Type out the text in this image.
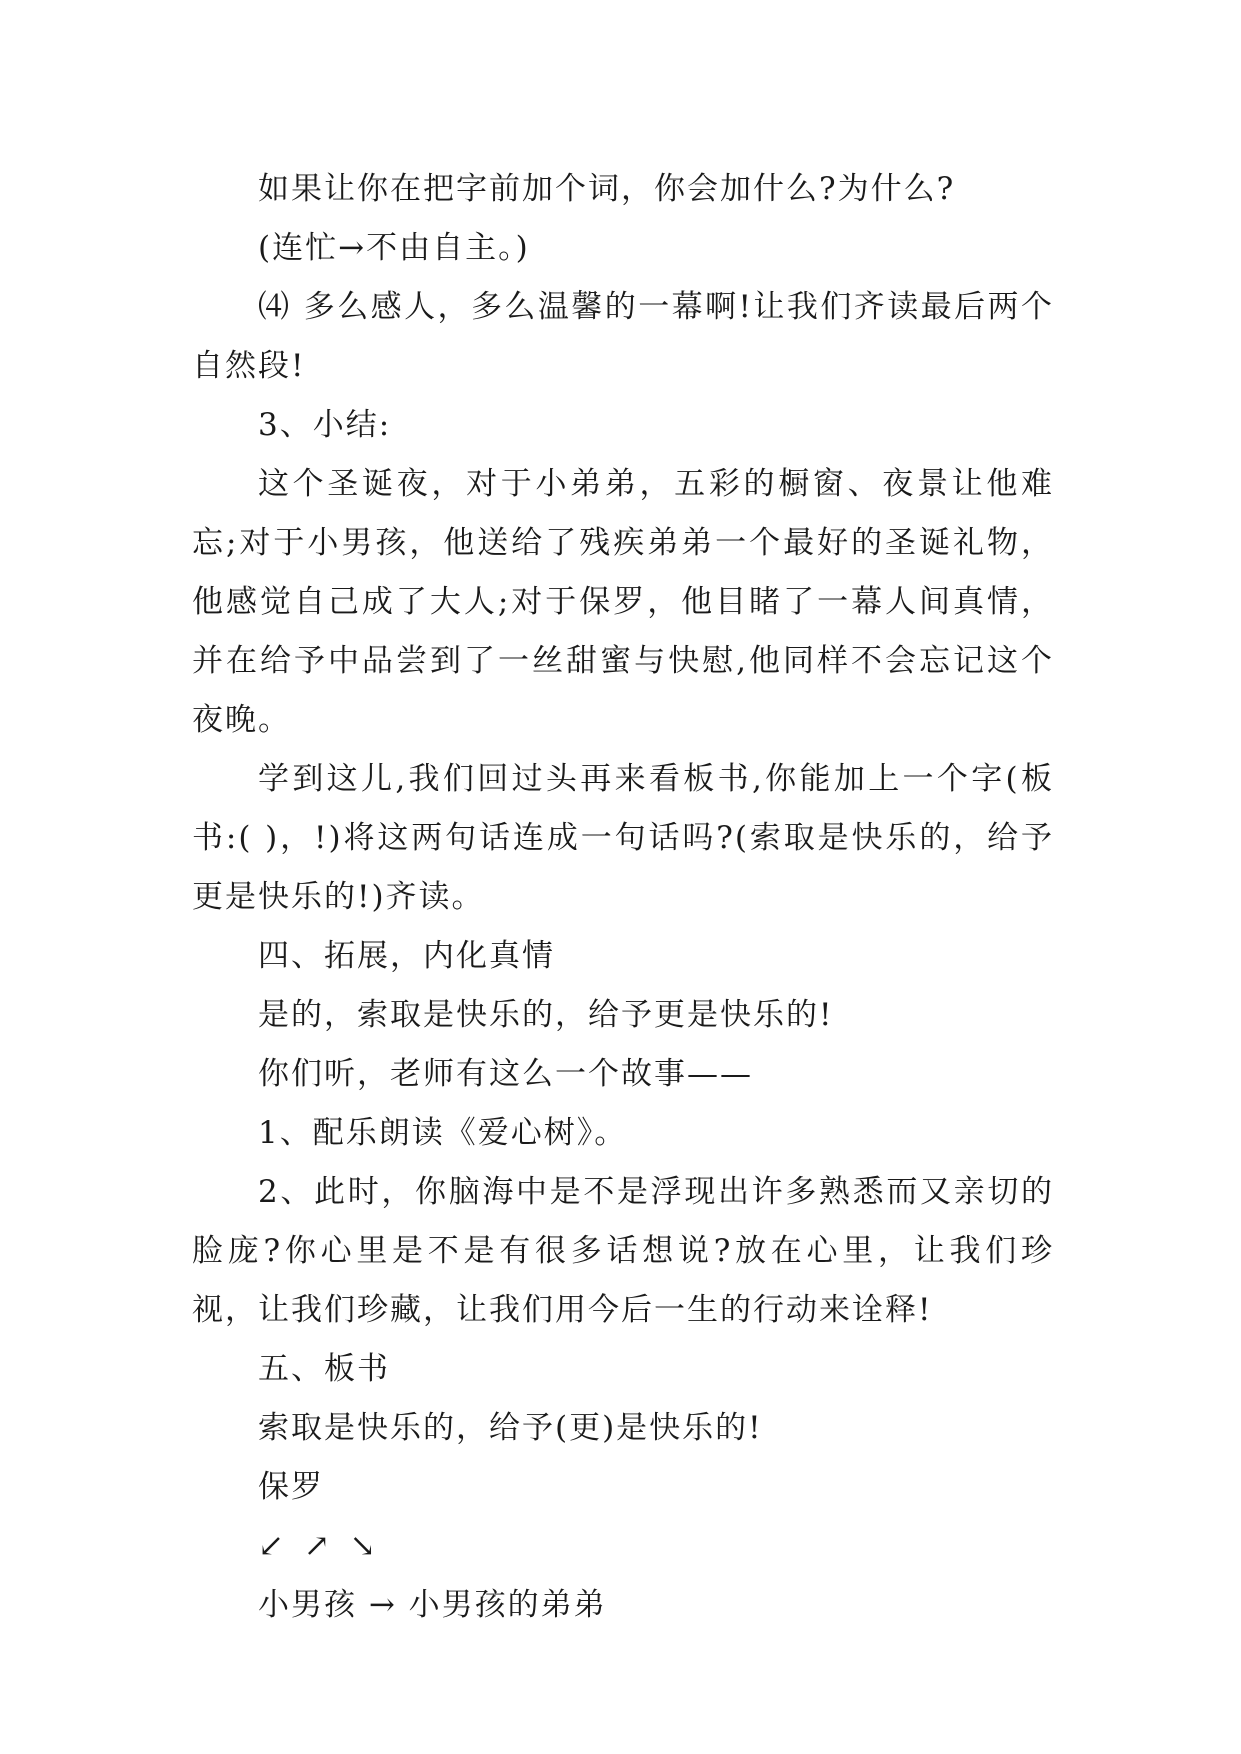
如果让你在把字前加个词，你会加什么?为什么?

(连忙→不由自主。)

⑷ 多么感人，多么温馨的一幕啊!让我们齐读最后两个自然段!

3、小结:

这个圣诞夜，对于小弟弟，五彩的橱窗、夜景让他难忘;对于小男孩，他送给了残疾弟弟一个最好的圣诞礼物，他感觉自己成了大人;对于保罗，他目睹了一幕人间真情，并在给予中品尝到了一丝甜蜜与快慰,他同样不会忘记这个夜晚。

学到这儿,我们回过头再来看板书,你能加上一个字(板书:( )，!)将这两句话连成一句话吗?(索取是快乐的，给予更是快乐的!)齐读。

四、拓展，内化真情

是的，索取是快乐的，给予更是快乐的!

你们听，老师有这么一个故事——

1、配乐朗读《爱心树》。

2、此时，你脑海中是不是浮现出许多熟悉而又亲切的脸庞?你心里是不是有很多话想说?放在心里，让我们珍视，让我们珍藏，让我们用今后一生的行动来诠释!

五、板书

索取是快乐的，给予(更)是快乐的!

保罗

↙ ↗ ↘

小男孩 → 小男孩的弟弟
